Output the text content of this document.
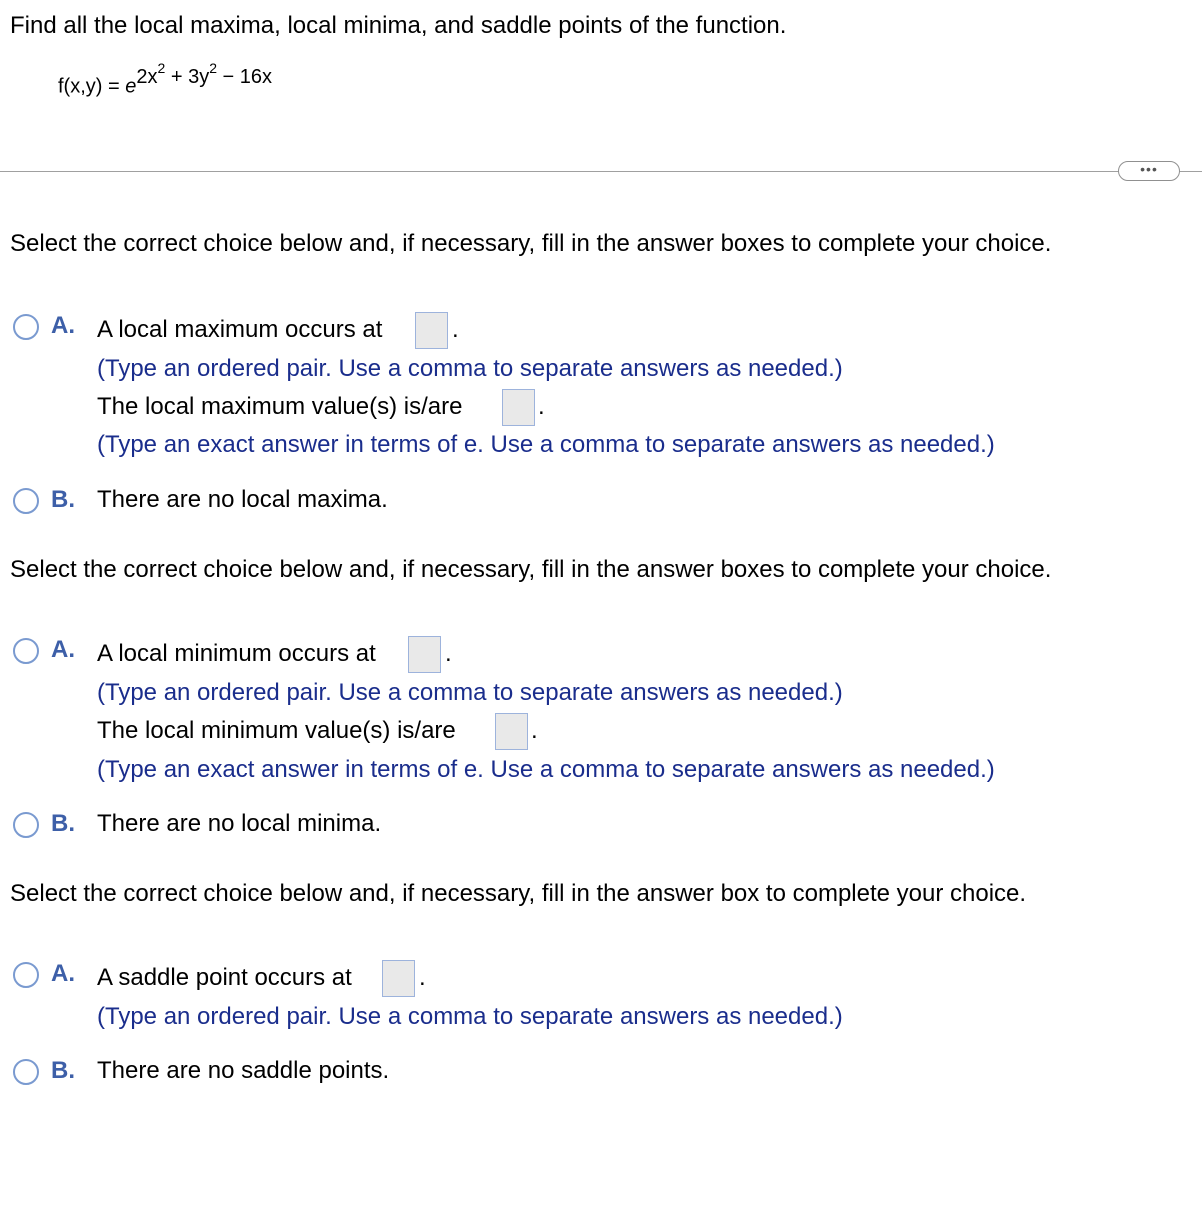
Find all the local maxima, local minima, and saddle points of the function.
$f(x,y) = e^{2x^2 + 3y^2 - 16x}$
•••
Select the correct choice below and, if necessary, fill in the answer boxes to complete your choice.
A. A local maximum occurs at	.
(Type an ordered pair. Use a comma to separate answers as needed.)
The local maximum value(s) is/are	.
(Type an exact answer in terms of e. Use a comma to separate answers as needed.)
B. There are no local maxima.
Select the correct choice below and, if necessary, fill in the answer boxes to complete your choice.
A. A local minimum occurs at	.
(Type an ordered pair. Use a comma to separate answers as needed.)
The local minimum value(s) is/are	.
(Type an exact answer in terms of e. Use a comma to separate answers as needed.)
B. There are no local minima.
Select the correct choice below and, if necessary, fill in the answer box to complete your choice.
A. A saddle point occurs at	.
(Type an ordered pair. Use a comma to separate answers as needed.)
B. There are no saddle points.
